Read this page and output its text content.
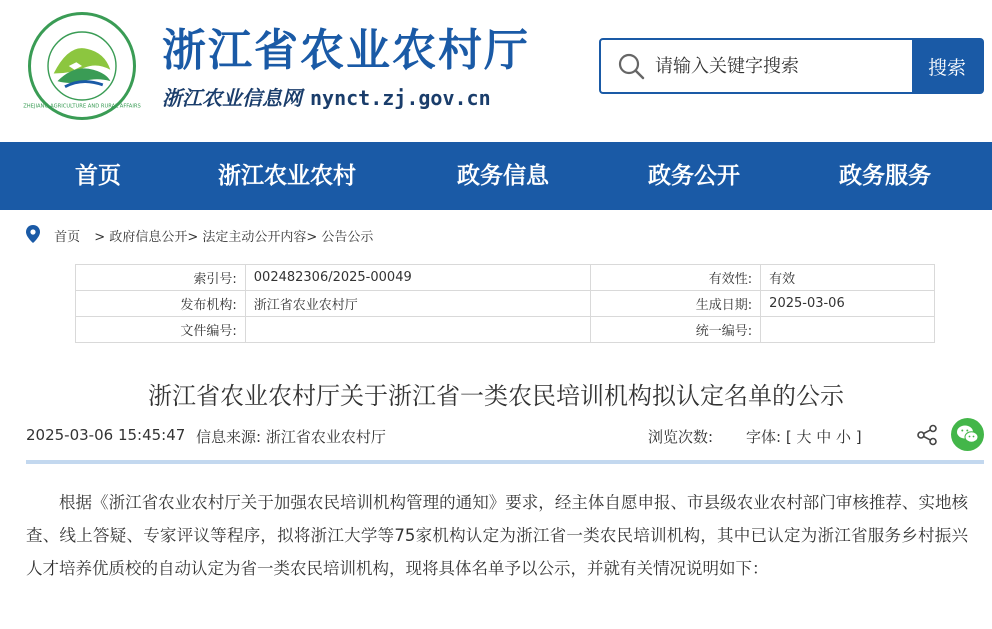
ZHEJIANG AGRICULTURE AND RURAL AFFAIRS
浙江省农业农村厅
浙江农业信息网 nynct.zj.gov.cn
请输入关键字搜索
搜索
首页	浙江农业农村	政务信息	政务公开	政务服务
首页 > 政府信息公开> 法定主动公开内容> 公告公示
索引号:	002482306/2025-00049	有效性:	有效
发布机构:	浙江省农业农村厅	生成日期:	2025-03-06
文件编号:		统一编号:	
浙江省农业农村厅关于浙江省一类农民培训机构拟认定名单的公示
2025-03-06 15:45:47 信息来源: 浙江省农业农村厅	浏览次数: 字体: [ 大 中 小 ]
根据《浙江省农业农村厅关于加强农民培训机构管理的通知》要求，经主体自愿申报、市县级农业农村部门审核推荐、实地核查、线上答疑、专家评议等程序，拟将浙江大学等75家机构认定为浙江省一类农民培训机构，其中已认定为浙江省服务乡村振兴人才培养优质校的自动认定为省一类农民培训机构，现将具体名单予以公示，并就有关情况说明如下：
